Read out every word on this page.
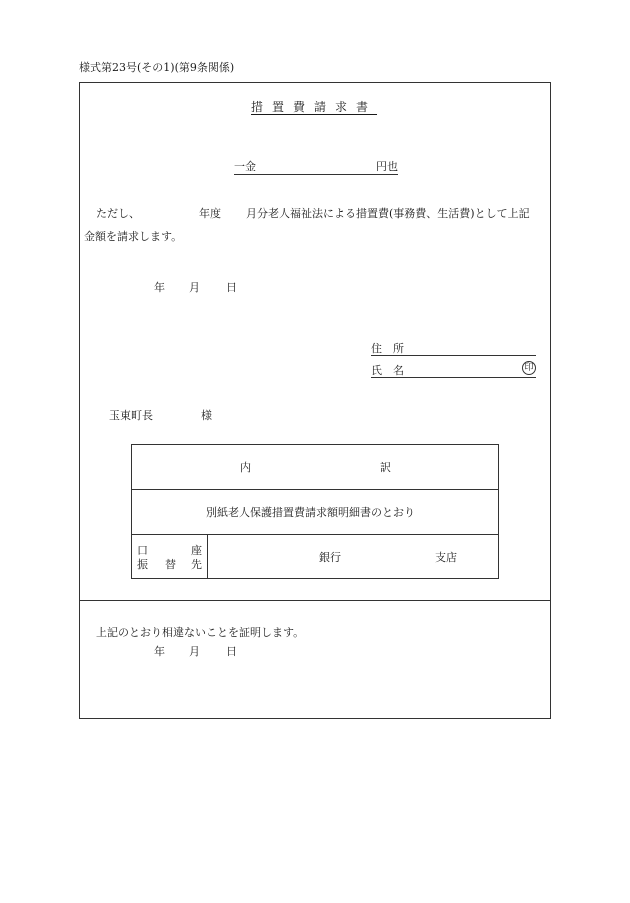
様式第23号(その1)(第9条関係)
措置費請求書
一金	円也
ただし、	年度 月分老人福祉法による措置費(事務費、生活費)として上記
金額を請求します。
年 月 日
住　所
氏　名	印
玉東町長	様
内	訳
別紙老人保護措置費請求額明細書のとおり
口	座
振 替 先
銀行	支店
上記のとおり相違ないことを証明します。
年 月 日
